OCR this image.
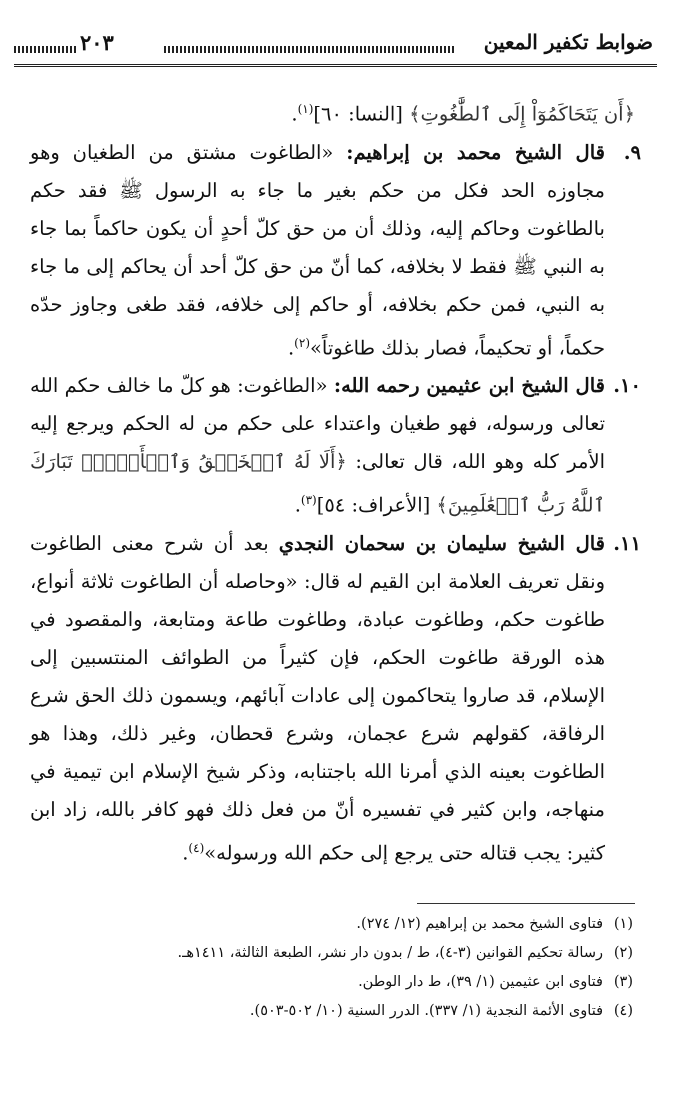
ضوابط تكفير المعين
٢٠٣

﴿أَن يَتَحَاكَمُوٓاْ إِلَى ٱلطَّٰغُوتِ﴾ [النسا: ٦٠]$^{(١)}$.

٩.
قال الشيخ محمد بن إبراهيم: «الطاغوت مشتق من الطغيان وهو مجاوزه الحد فكل من حكم بغير ما جاء به الرسول ﷺ فقد حكم بالطاغوت وحاكم إليه، وذلك أن من حق كلّ أحدٍ أن يكون حاكماً بما جاء به النبي ﷺ فقط لا بخلافه، كما أنّ من حق كلّ أحد أن يحاكم إلى ما جاء به النبي، فمن حكم بخلافه، أو حاكم إلى خلافه، فقد طغى وجاوز حدّه حكماً، أو تحكيماً، فصار بذلك طاغوتاً»$^{(٢)}$.

١٠.
قال الشيخ ابن عثيمين رحمه الله: «الطاغوت: هو كلّ ما خالف حكم الله تعالى ورسوله، فهو طغيان واعتداء على حكم من له الحكم ويرجع إليه الأمر كله وهو الله، قال تعالى: ﴿أَلَا لَهُ ٱلۡخَلۡقُ وَٱلۡأَمۡرُۗ تَبَارَكَ ٱللَّهُ رَبُّ ٱلۡعَٰلَمِينَ﴾ [الأعراف: ٥٤]$^{(٣)}$.

١١.
قال الشيخ سليمان بن سحمان النجدي بعد أن شرح معنى الطاغوت ونقل تعريف العلامة ابن القيم له قال: «وحاصله أن الطاغوت ثلاثة أنواع، طاغوت حكم، وطاغوت عبادة، وطاغوت طاعة ومتابعة، والمقصود في هذه الورقة طاغوت الحكم، فإن كثيراً من الطوائف المنتسبين إلى الإسلام، قد صاروا يتحاكمون إلى عادات آبائهم، ويسمون ذلك الحق شرع الرفاقة، كقولهم شرع عجمان، وشرع قحطان، وغير ذلك، وهذا هو الطاغوت بعينه الذي أمرنا الله باجتنابه، وذكر شيخ الإسلام ابن تيمية في منهاجه، وابن كثير في تفسيره أنّ من فعل ذلك فهو كافر بالله، زاد ابن كثير: يجب قتاله حتى يرجع إلى حكم الله ورسوله»$^{(٤)}$.

(١)فتاوى الشيخ محمد بن إبراهيم (١٢/ ٢٧٤).
(٢)رسالة تحكيم القوانين (٣-٤)، ط / بدون دار نشر، الطبعة الثالثة، ١٤١١هـ.
(٣)فتاوى ابن عثيمين (١/ ٣٩)، ط دار الوطن.
(٤)فتاوى الأئمة النجدية (١/ ٣٣٧). الدرر السنية (١٠/ ٥٠٢-٥٠٣).
